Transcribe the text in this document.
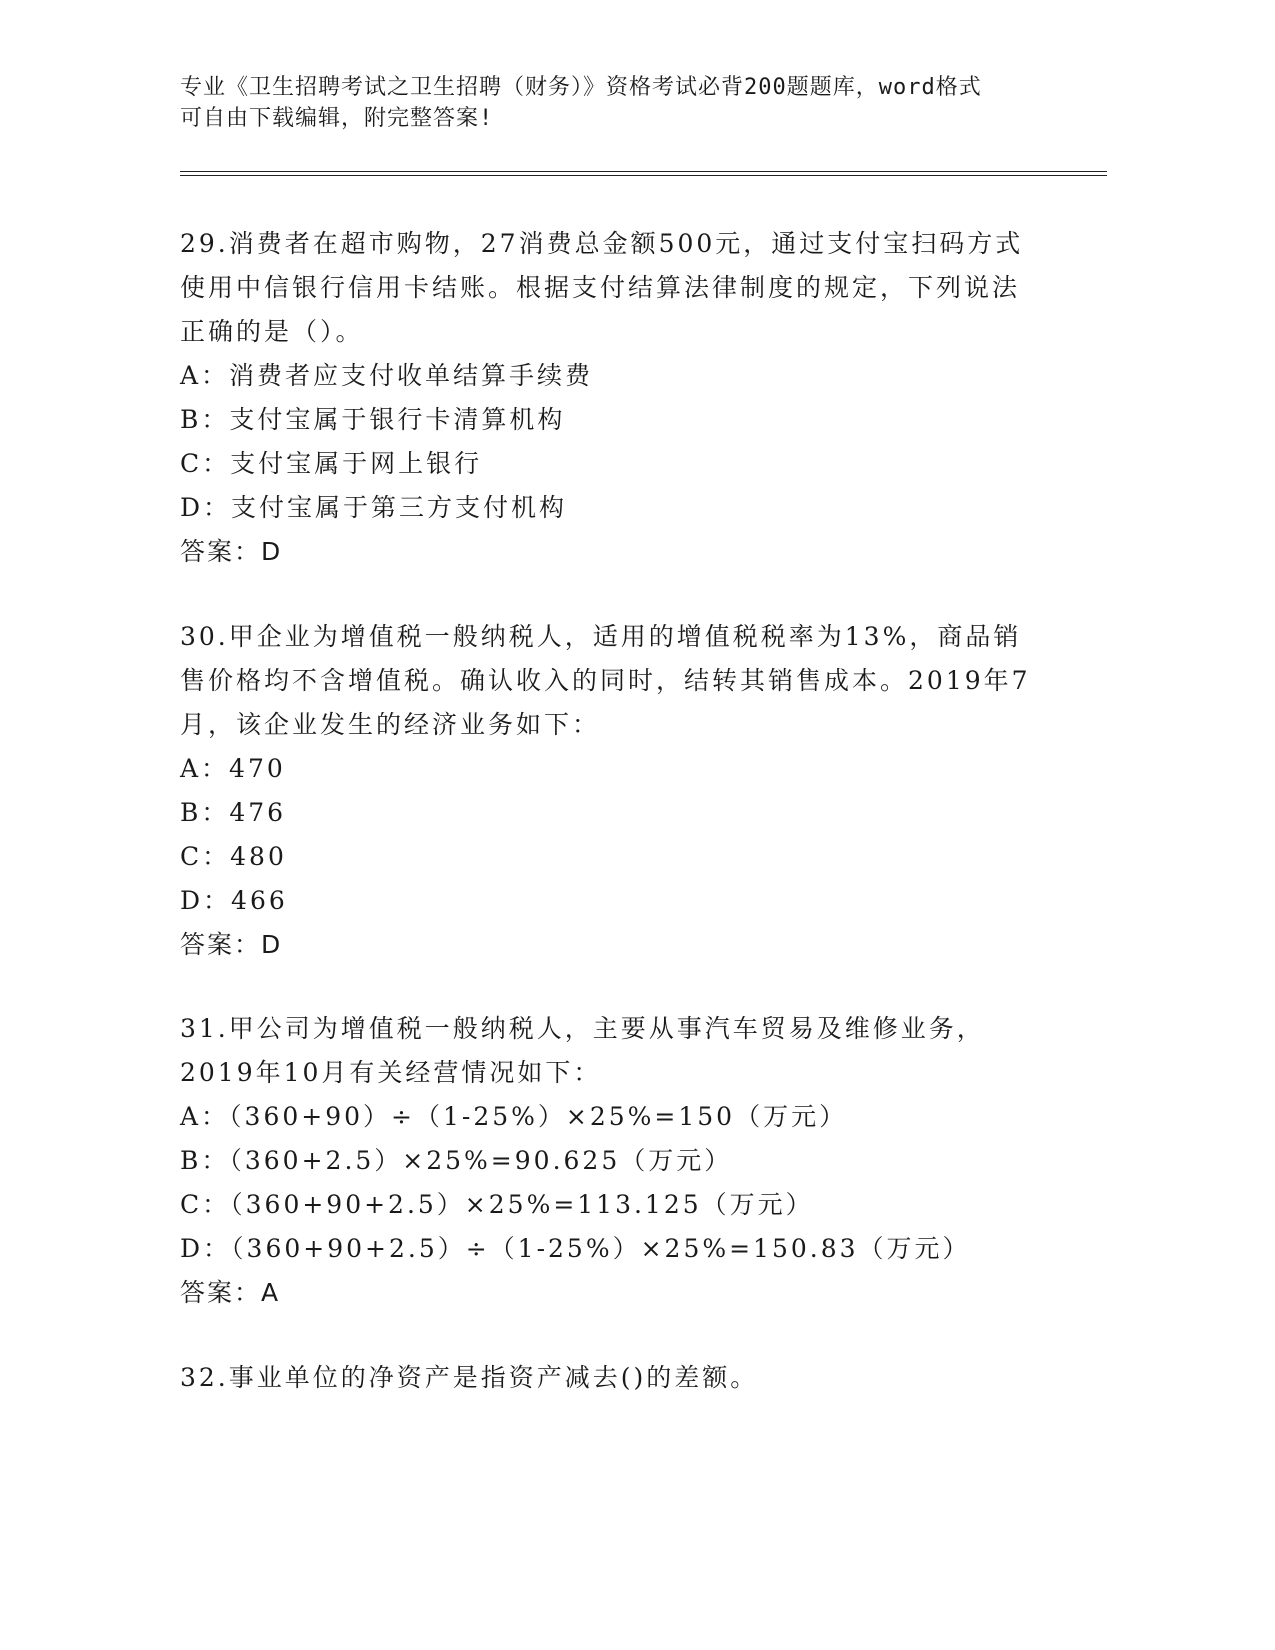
专业《卫生招聘考试之卫生招聘（财务）》资格考试必背200题题库，word格式
可自由下载编辑，附完整答案!

29.消费者在超市购物，27消费总金额500元，通过支付宝扫码方式使用中信银行信用卡结账。根据支付结算法律制度的规定，下列说法正确的是（）。

A：消费者应支付收单结算手续费

B：支付宝属于银行卡清算机构

C：支付宝属于网上银行

D：支付宝属于第三方支付机构

答案：D

30.甲企业为增值税一般纳税人，适用的增值税税率为13%，商品销售价格均不含增值税。确认收入的同时，结转其销售成本。2019年7月，该企业发生的经济业务如下：

A：470

B：476

C：480

D：466

答案：D

31.甲公司为增值税一般纳税人，主要从事汽车贸易及维修业务，2019年10月有关经营情况如下：

A：（360+90）÷（1-25%）×25%=150（万元）

B：（360+2.5）×25%=90.625（万元）

C：（360+90+2.5）×25%=113.125（万元）

D：（360+90+2.5）÷（1-25%）×25%=150.83（万元）

答案：A

32.事业单位的净资产是指资产减去()的差额。
